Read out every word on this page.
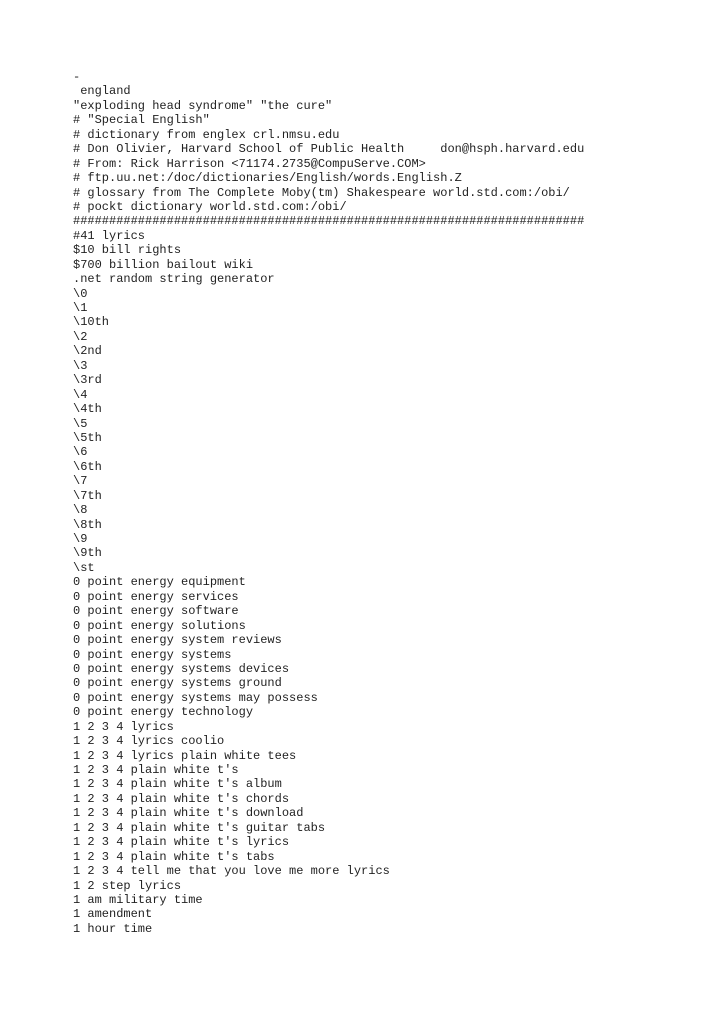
-
england
"exploding head syndrome" "the cure"
# "Special English"
# dictionary from englex crl.nmsu.edu
# Don Olivier, Harvard School of Public Health     don@hsph.harvard.edu
# From: Rick Harrison <71174.2735@CompuServe.COM>
# ftp.uu.net:/doc/dictionaries/English/words.English.Z
# glossary from The Complete Moby(tm) Shakespeare world.std.com:/obi/
# pockt dictionary world.std.com:/obi/
#######################################################################
#41 lyrics
$10 bill rights
$700 billion bailout wiki
.net random string generator
\0
\1
\10th
\2
\2nd
\3
\3rd
\4
\4th
\5
\5th
\6
\6th
\7
\7th
\8
\8th
\9
\9th
\st
0 point energy equipment
0 point energy services
0 point energy software
0 point energy solutions
0 point energy system reviews
0 point energy systems
0 point energy systems devices
0 point energy systems ground
0 point energy systems may possess
0 point energy technology
1 2 3 4 lyrics
1 2 3 4 lyrics coolio
1 2 3 4 lyrics plain white tees
1 2 3 4 plain white t's
1 2 3 4 plain white t's album
1 2 3 4 plain white t's chords
1 2 3 4 plain white t's download
1 2 3 4 plain white t's guitar tabs
1 2 3 4 plain white t's lyrics
1 2 3 4 plain white t's tabs
1 2 3 4 tell me that you love me more lyrics
1 2 step lyrics
1 am military time
1 amendment
1 hour time
